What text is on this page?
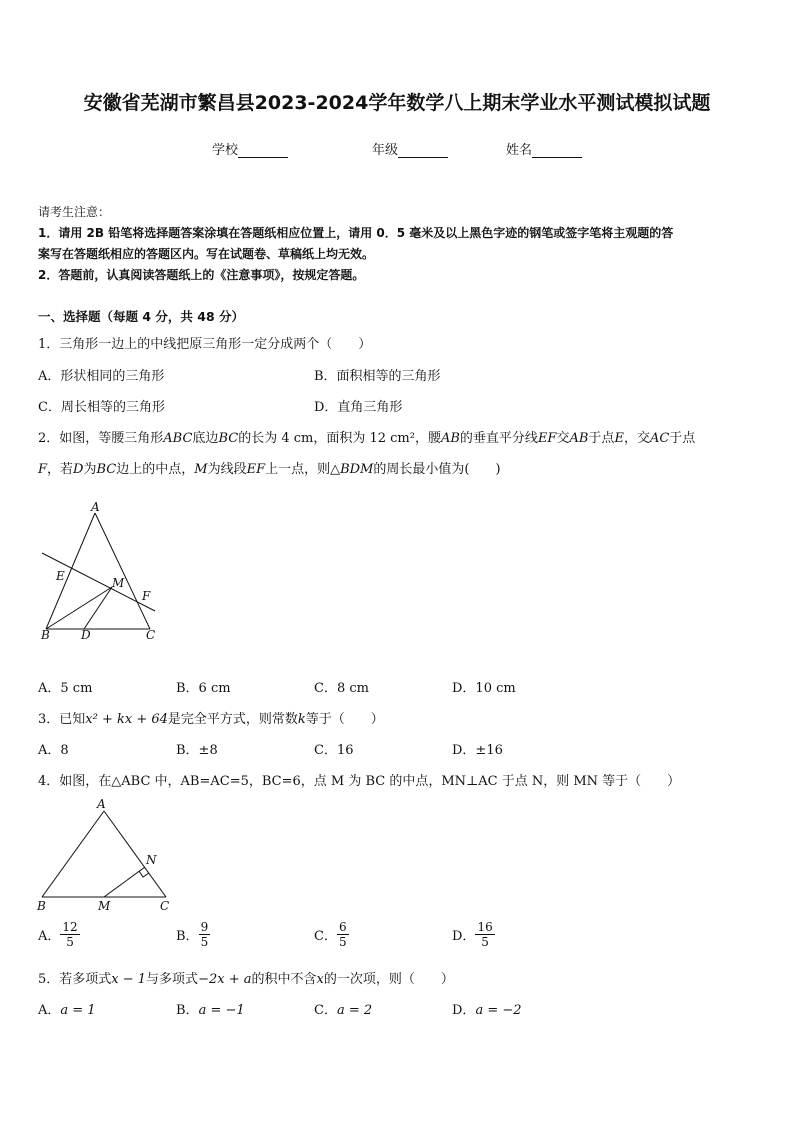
安徽省芜湖市繁昌县2023-2024学年数学八上期末学业水平测试模拟试题
学校	年级	姓名
请考生注意：
1．请用 2B 铅笔将选择题答案涂填在答题纸相应位置上，请用 0．5 毫米及以上黑色字迹的钢笔或签字笔将主观题的答
案写在答题纸相应的答题区内。写在试题卷、草稿纸上均无效。
2．答题前，认真阅读答题纸上的《注意事项》，按规定答题。
一、选择题（每题 4 分，共 48 分）
1．三角形一边上的中线把原三角形一定分成两个（　　）
A．形状相同的三角形	B．面积相等的三角形
C．周长相等的三角形	D．直角三角形
2．如图，等腰三角形ABC底边BC的长为 4 cm，面积为 12 cm²，腰AB的垂直平分线EF交AB于点E，交AC于点
F，若D为BC边上的中点，M为线段EF上一点，则△BDM的周长最小值为(　　)
A
B	C
D
E
F
M
A．5 cm	B．6 cm	C．8 cm	D．10 cm
3．已知x² + kx + 64是完全平方式，则常数k等于（　　）
A．8	B．±8	C．16	D．±16
4．如图，在△ABC 中，AB=AC=5，BC=6，点 M 为 BC 的中点，MN⊥AC 于点 N，则 MN 等于（　　）
A
B	C
M
N
A． $\frac{12}{5}$	B． $\frac{9}{5}$	C． $\frac{6}{5}$	D． $\frac{16}{5}$
5．若多项式x − 1与多项式−2x + a的积中不含x的一次项，则（　　）
A．a = 1	B．a = −1	C．a = 2	D．a = −2
